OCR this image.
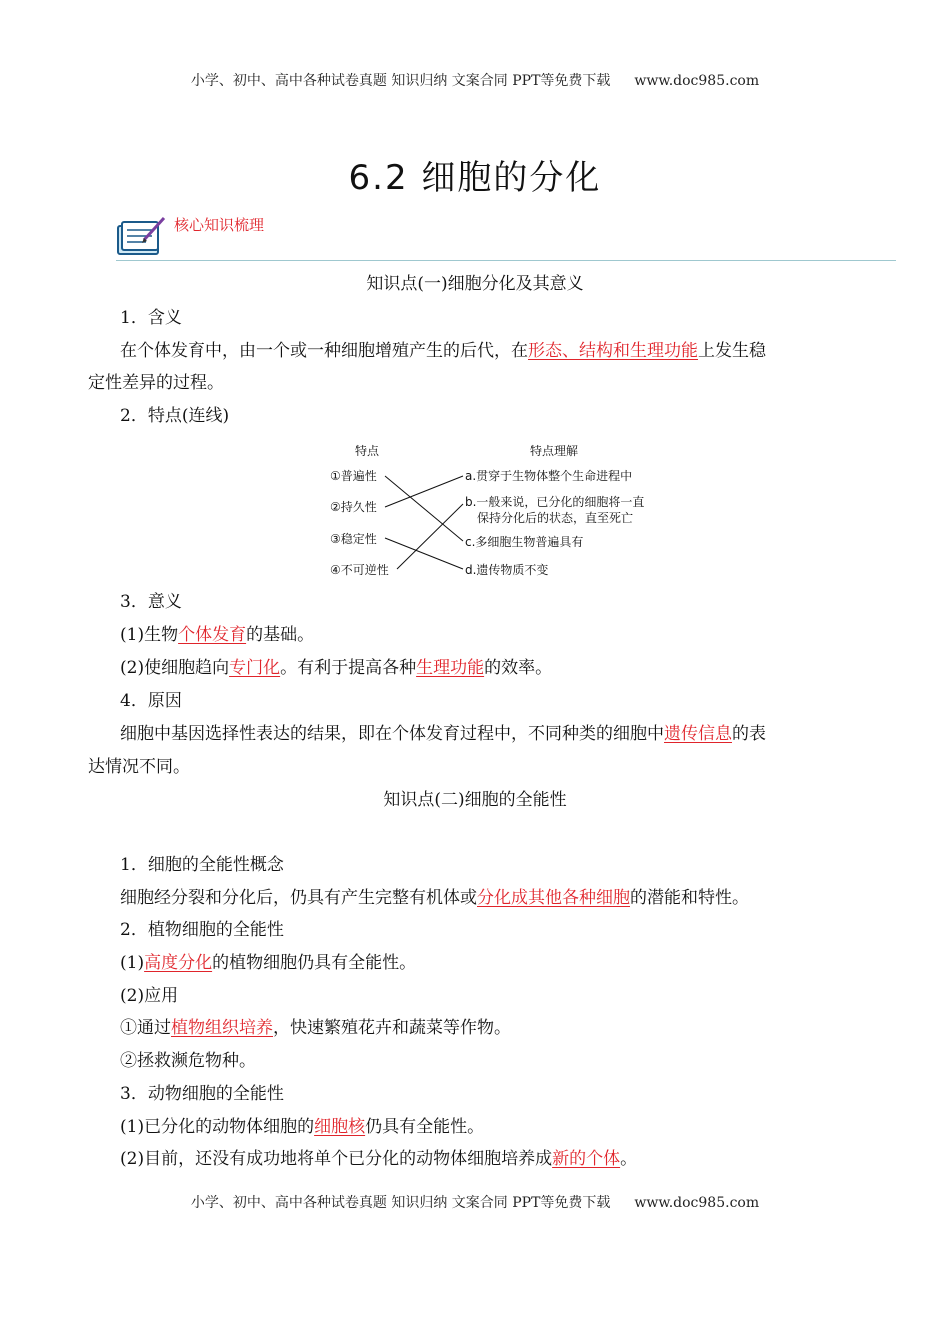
小学、初中、高中各种试卷真题 知识归纳 文案合同 PPT等免费下载 www.doc985.com
6.2 细胞的分化
核心知识梳理
知识点(一)细胞分化及其意义
1．含义
在个体发育中，由一个或一种细胞增殖产生的后代，在形态、结构和生理功能上发生稳
定性差异的过程。
2．特点(连线)
特点	特点理解
①普遍性
②持久性
③稳定性
④不可逆性
a.贯穿于生物体整个生命进程中
b.一般来说，已分化的细胞将一直
保持分化后的状态，直至死亡
c.多细胞生物普遍具有
d.遗传物质不变
3．意义
(1)生物个体发育的基础。
(2)使细胞趋向专门化。有利于提高各种生理功能的效率。
4．原因
细胞中基因选择性表达的结果，即在个体发育过程中，不同种类的细胞中遗传信息的表
达情况不同。
知识点(二)细胞的全能性
1．细胞的全能性概念
细胞经分裂和分化后，仍具有产生完整有机体或分化成其他各种细胞的潜能和特性。
2．植物细胞的全能性
(1)高度分化的植物细胞仍具有全能性。
(2)应用
①通过植物组织培养，快速繁殖花卉和蔬菜等作物。
②拯救濒危物种。
3．动物细胞的全能性
(1)已分化的动物体细胞的细胞核仍具有全能性。
(2)目前，还没有成功地将单个已分化的动物体细胞培养成新的个体。
小学、初中、高中各种试卷真题 知识归纳 文案合同 PPT等免费下载 www.doc985.com
